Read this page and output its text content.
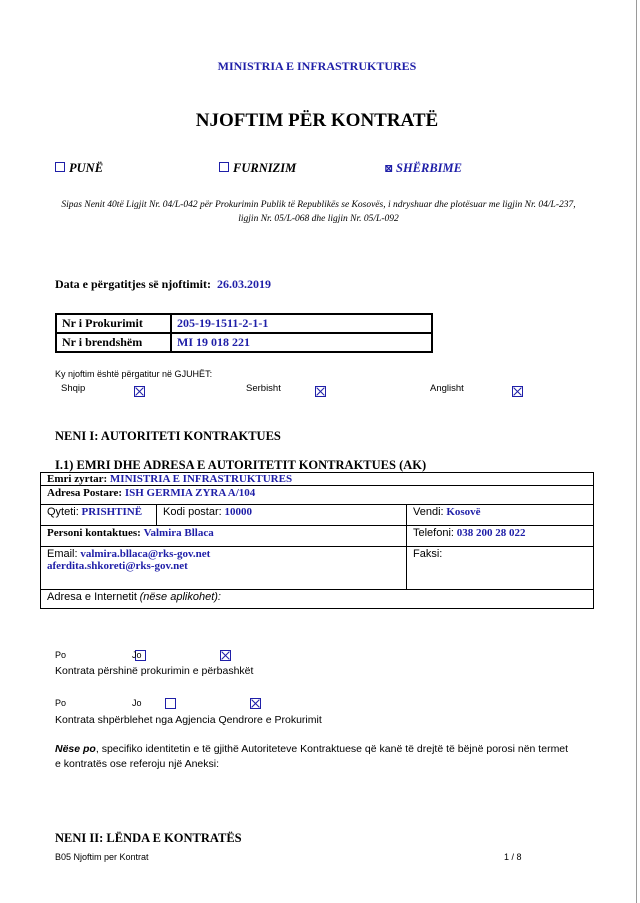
MINISTRIA E INFRASTRUKTURES
NJOFTIM PËR KONTRATË
PUNË	FURNIZIM	⊠ SHËRBIME
Sipas Nenit 40të Ligjit Nr. 04/L-042 për Prokurimin Publik të Republikës se Kosovës, i ndryshuar dhe plotësuar me ligjin Nr. 04/L-237, ligjin Nr. 05/L-068 dhe ligjin Nr. 05/L-092
Data e përgatitjes së njoftimit: 26.03.2019
Nr i Prokurimit	205-19-1511-2-1-1
Nr i brendshëm	MI 19 018 221
Ky njoftim është përgatitur në GJUHËT:
Shqip
	Serbisht
	Anglisht

NENI I: AUTORITETI KONTRAKTUES
I.1) EMRI DHE ADRESA E AUTORITETIT KONTRAKTUES (AK)
Emri zyrtar: MINISTRIA E INFRASTRUKTURES		
Adresa Postare: ISH GERMIA ZYRA A/104		
Qyteti: PRISHTINË	Kodi postar: 10000	Vendi: Kosovë
Personi kontaktues: Valmira Bllaca		Telefoni: 038 200 28 022
Email: valmira.bllaca@rks-gov.net
aferdita.shkoreti@rks-gov.net		Faksi:
Adresa e Internetit (nëse aplikohet):		
Po
	Jo

Kontrata përshinë prokurimin e përbashkët
Po
	Jo
Kontrata shpërblehet nga Agjencia Qendrore e Prokurimit
Nëse po, specifiko identitetin e të gjithë Autoriteteve Kontraktuese që kanë të drejtë të bëjnë porosi nën termet e kontratës ose referoju një Aneksi:
NENI II: LËNDA E KONTRATËS
B05 Njoftim per Kontrat	1 / 8
